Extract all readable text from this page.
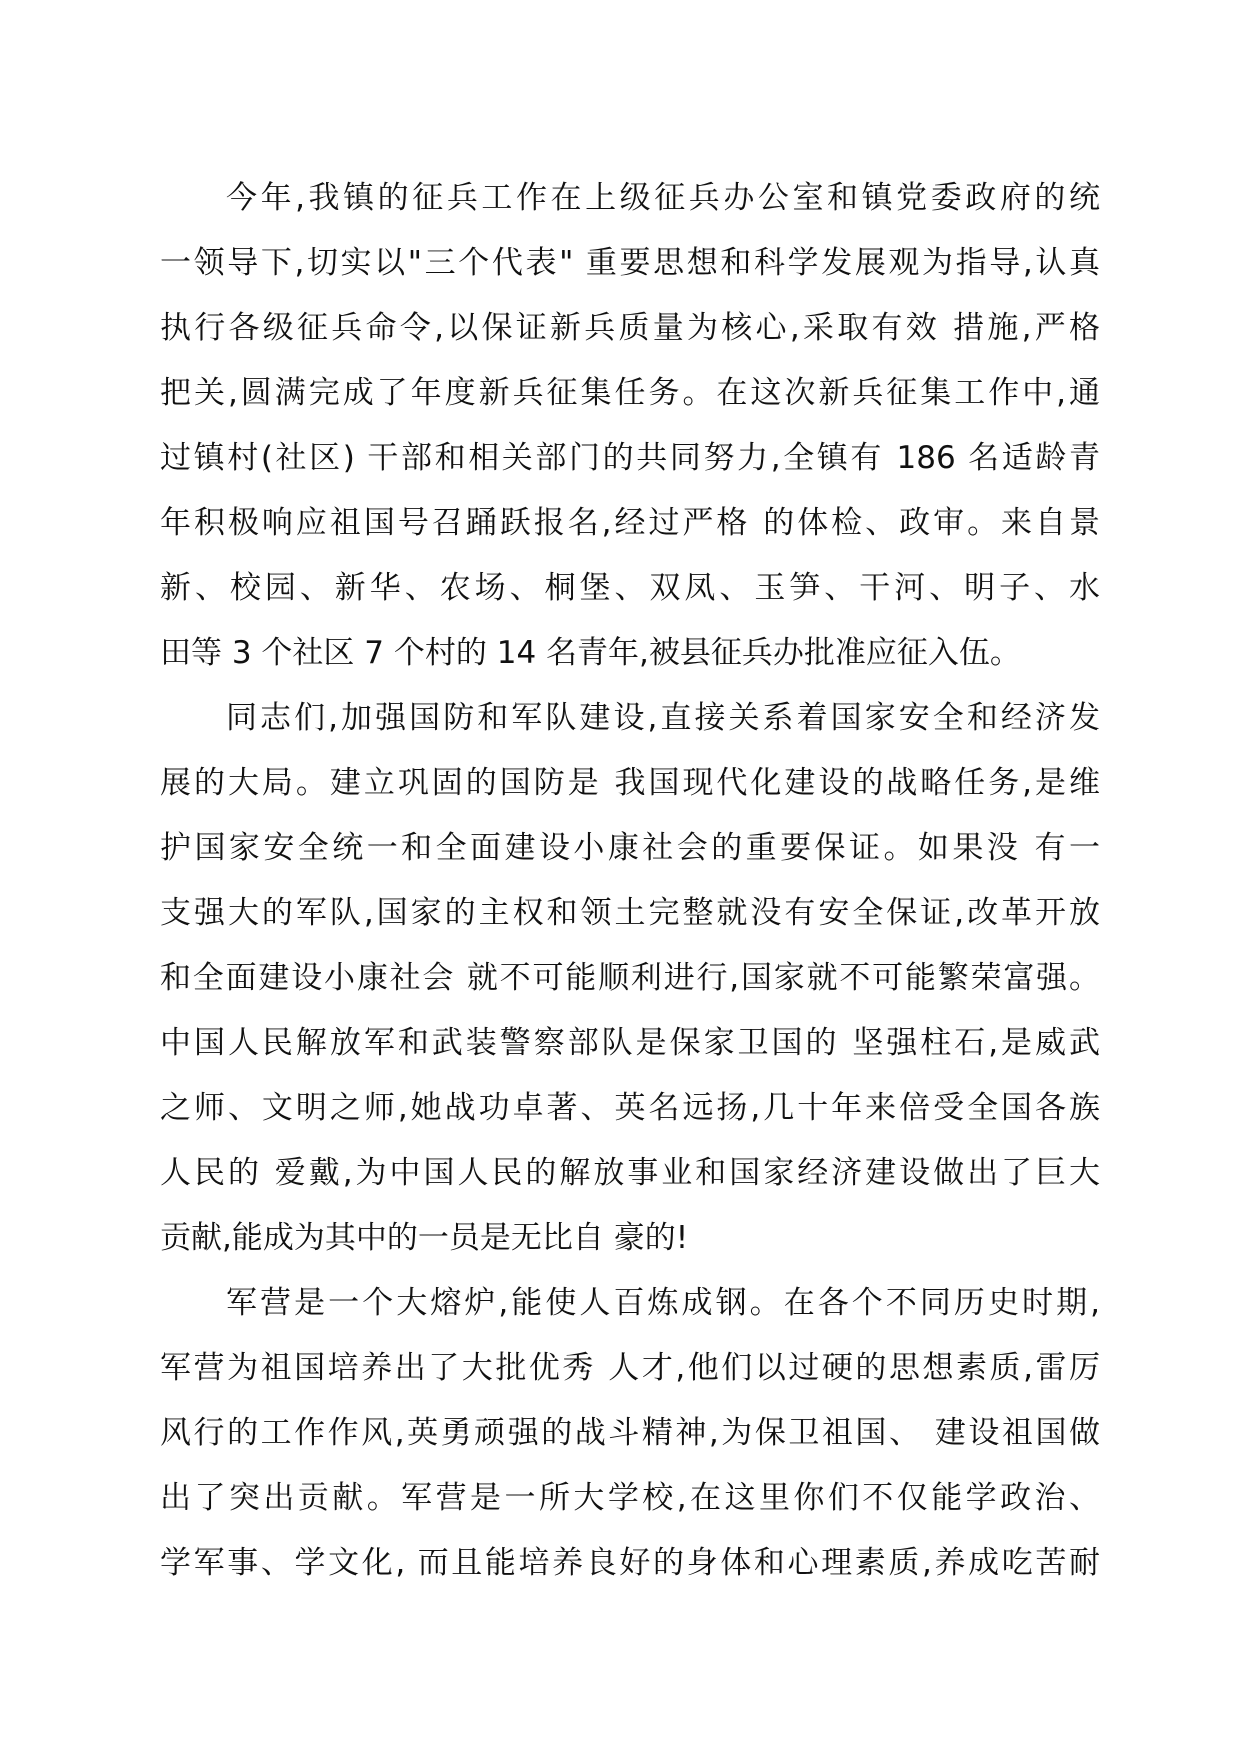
今年,我镇的征兵工作在上级征兵办公室和镇党委政府的统
一领导下,切实以"三个代表" 重要思想和科学发展观为指导,认真
执行各级征兵命令,以保证新兵质量为核心,采取有效 措施,严格
把关,圆满完成了年度新兵征集任务。在这次新兵征集工作中,通
过镇村(社区) 干部和相关部门的共同努力,全镇有 186 名适龄青
年积极响应祖国号召踊跃报名,经过严格 的体检、政审。来自景
新、校园、新华、农场、桐堡、双凤、玉笋、干河、明子、水
田等 3 个社区 7 个村的 14 名青年,被县征兵办批准应征入伍。
同志们,加强国防和军队建设,直接关系着国家安全和经济发
展的大局。建立巩固的国防是 我国现代化建设的战略任务,是维
护国家安全统一和全面建设小康社会的重要保证。如果没 有一
支强大的军队,国家的主权和领土完整就没有安全保证,改革开放
和全面建设小康社会 就不可能顺利进行,国家就不可能繁荣富强。
中国人民解放军和武装警察部队是保家卫国的 坚强柱石,是威武
之师、文明之师,她战功卓著、英名远扬,几十年来倍受全国各族
人民的 爱戴,为中国人民的解放事业和国家经济建设做出了巨大
贡献,能成为其中的一员是无比自 豪的!
军营是一个大熔炉,能使人百炼成钢。在各个不同历史时期,
军营为祖国培养出了大批优秀 人才,他们以过硬的思想素质,雷厉
风行的工作作风,英勇顽强的战斗精神,为保卫祖国、 建设祖国做
出了突出贡献。军营是一所大学校,在这里你们不仅能学政治、
学军事、学文化, 而且能培养良好的身体和心理素质,养成吃苦耐
